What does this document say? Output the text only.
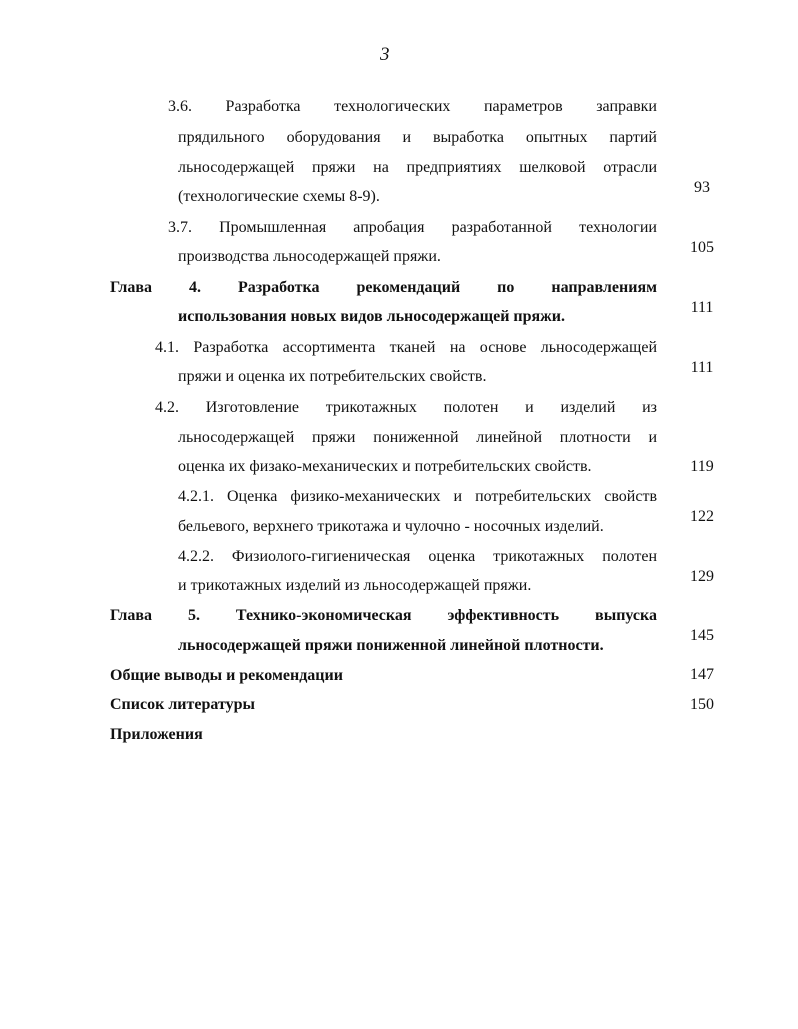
3
3.6. Разработка технологических параметров заправки
прядильного оборудования и выработка опытных партий
льносодержащей пряжи на предприятиях шелковой отрасли
(технологические схемы 8-9).
93
3.7. Промышленная апробация разработанной технологии
производства льносодержащей пряжи.
105
Глава 4. Разработка рекомендаций по направлениям
использования новых видов льносодержащей пряжи.
111
4.1. Разработка ассортимента тканей на основе льносодержащей
пряжи и оценка их потребительских свойств.
111
4.2. Изготовление трикотажных полотен и изделий из
льносодержащей пряжи пониженной линейной плотности и
оценка их физако-механических и потребительских свойств.	119
4.2.1. Оценка физико-механических и потребительских свойств
бельевого, верхнего трикотажа и чулочно - носочных изделий.
122
4.2.2. Физиолого-гигиеническая оценка трикотажных полотен
и трикотажных изделий из льносодержащей пряжи.
129
Глава 5. Технико-экономическая эффективность выпуска
льносодержащей пряжи пониженной линейной плотности.
145
Общие выводы и рекомендации	147
Список литературы	150
Приложения
